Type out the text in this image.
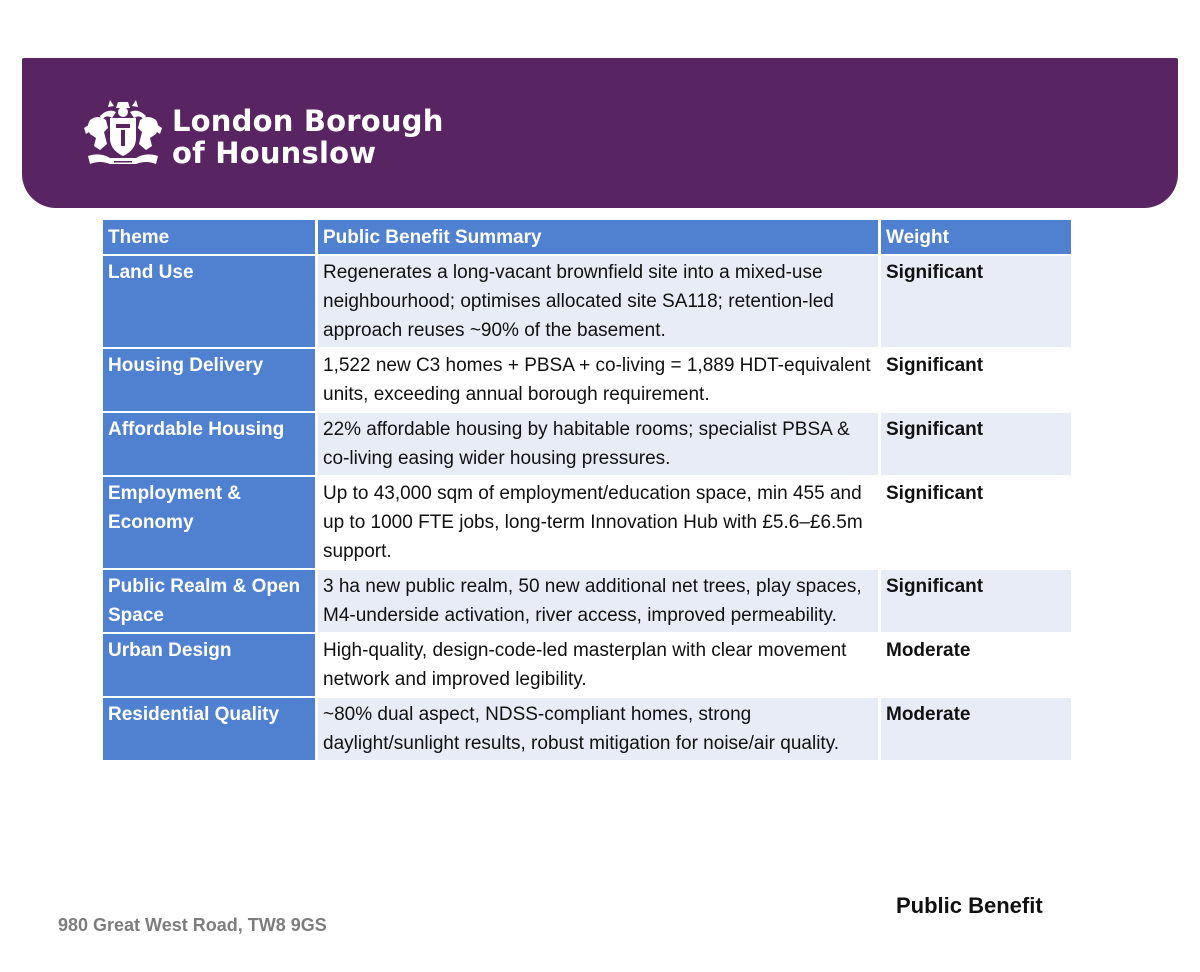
London Borough
of Hounslow
Theme	Public Benefit Summary	Weight
Land Use	Regenerates a long-vacant brownfield site into a mixed-use neighbourhood; optimises allocated site SA118; retention-led approach reuses ~90% of the basement.	Significant
Housing Delivery	1,522 new C3 homes + PBSA + co-living = 1,889 HDT-equivalent units, exceeding annual borough requirement.	Significant
Affordable Housing	22% affordable housing by habitable rooms; specialist PBSA & co-living easing wider housing pressures.	Significant
Employment & Economy	Up to 43,000 sqm of employment/education space, min 455 and up to 1000 FTE jobs, long-term Innovation Hub with £5.6–£6.5m support.	Significant
Public Realm & Open Space	3 ha new public realm, 50 new additional net trees, play spaces, M4-underside activation, river access, improved permeability.	Significant
Urban Design	High-quality, design-code-led masterplan with clear movement network and improved legibility.	Moderate
Residential Quality	~80% dual aspect, NDSS-compliant homes, strong daylight/sunlight results, robust mitigation for noise/air quality.	Moderate
Public Benefit
980 Great West Road, TW8 9GS
